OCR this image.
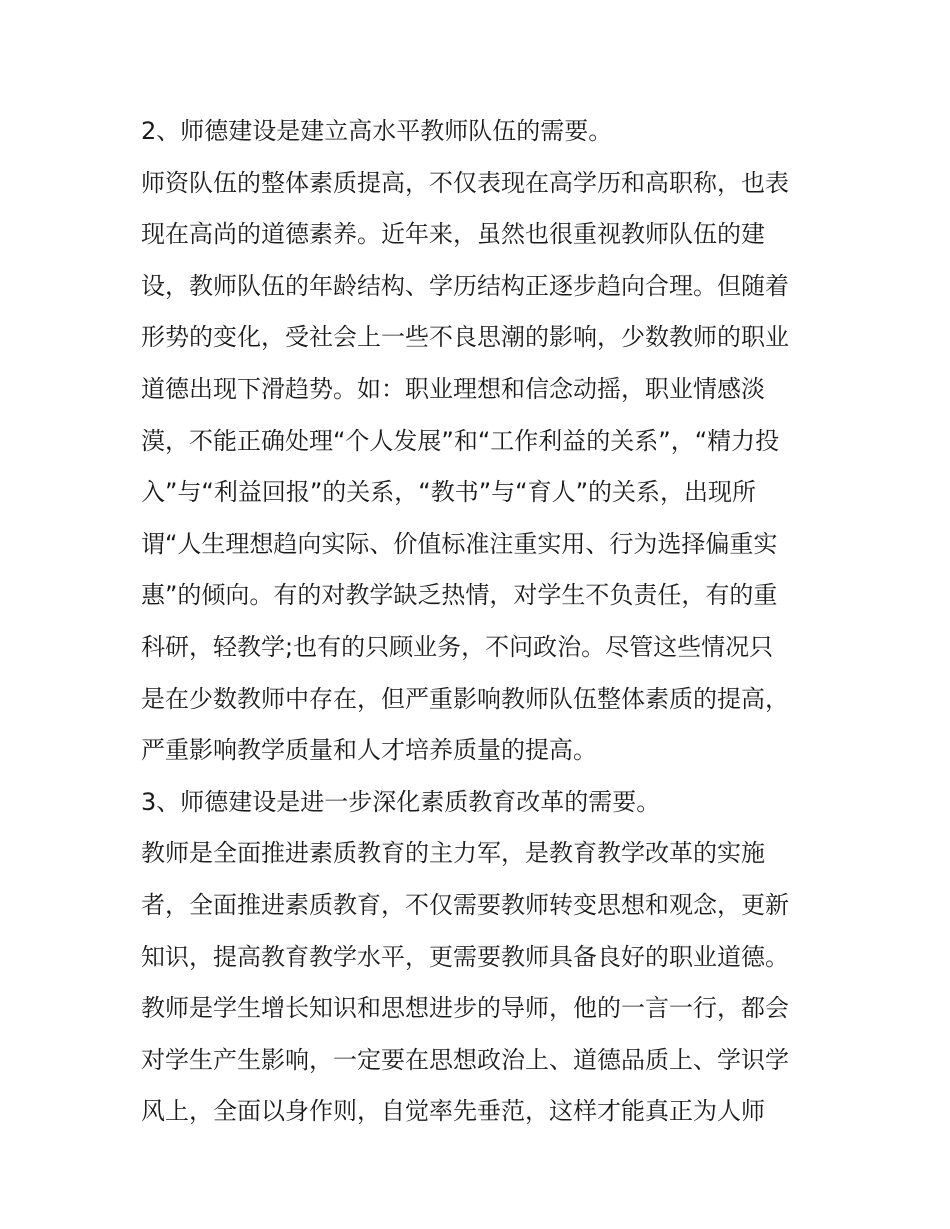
2、师德建设是建立高水平教师队伍的需要。
师资队伍的整体素质提高，不仅表现在高学历和高职称，也表
现在高尚的道德素养。近年来，虽然也很重视教师队伍的建
设，教师队伍的年龄结构、学历结构正逐步趋向合理。但随着
形势的变化，受社会上一些不良思潮的影响，少数教师的职业
道德出现下滑趋势。如：职业理想和信念动摇，职业情感淡
漠，不能正确处理“个人发展”和“工作利益的关系”，“精力投
入”与“利益回报”的关系，“教书”与“育人”的关系，出现所
谓“人生理想趋向实际、价值标准注重实用、行为选择偏重实
惠”的倾向。有的对教学缺乏热情，对学生不负责任，有的重
科研，轻教学;也有的只顾业务，不问政治。尽管这些情况只
是在少数教师中存在，但严重影响教师队伍整体素质的提高，
严重影响教学质量和人才培养质量的提高。
3、师德建设是进一步深化素质教育改革的需要。
教师是全面推进素质教育的主力军，是教育教学改革的实施
者，全面推进素质教育，不仅需要教师转变思想和观念，更新
知识，提高教育教学水平，更需要教师具备良好的职业道德。
教师是学生增长知识和思想进步的导师，他的一言一行，都会
对学生产生影响，一定要在思想政治上、道德品质上、学识学
风上，全面以身作则，自觉率先垂范，这样才能真正为人师
